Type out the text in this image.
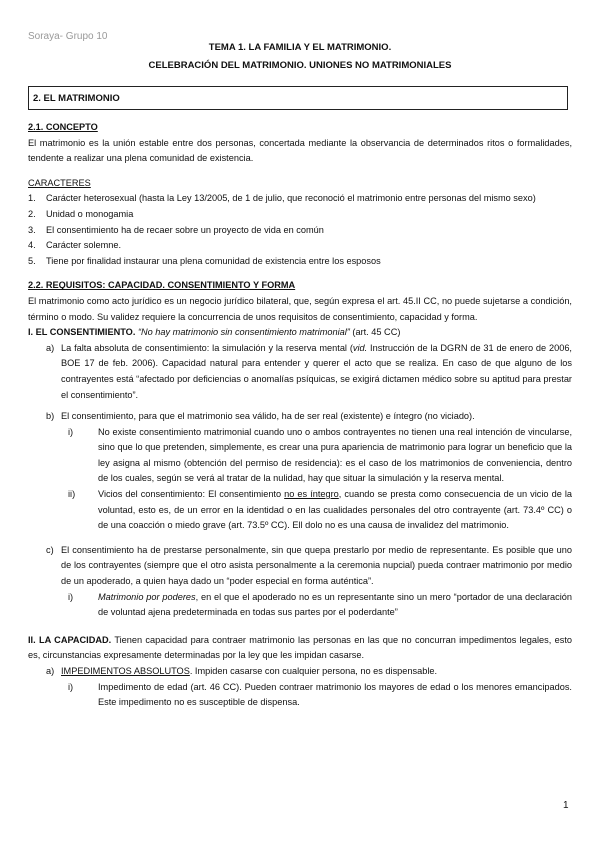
Soraya- Grupo 10
TEMA 1. LA FAMILIA Y EL MATRIMONIO.
CELEBRACIÓN DEL MATRIMONIO. UNIONES NO MATRIMONIALES
2. EL MATRIMONIO

2.1. CONCEPTO

El matrimonio es la unión estable entre dos personas, concertada mediante la observancia de determinados ritos o formalidades, tendente a realizar una plena comunidad de existencia.

CARACTERES

1. Carácter heterosexual (hasta la Ley 13/2005, de 1 de julio, que reconoció el matrimonio entre personas del mismo sexo)
2. Unidad o monogamia
3. El consentimiento ha de recaer sobre un proyecto de vida en común
4. Carácter solemne.
5. Tiene por finalidad instaurar una plena comunidad de existencia entre los esposos

2.2. REQUISITOS: CAPACIDAD. CONSENTIMIENTO Y FORMA

El matrimonio como acto jurídico es un negocio jurídico bilateral, que, según expresa el art. 45.II CC, no puede sujetarse a condición, término o modo. Su validez requiere la concurrencia de unos requisitos de consentimiento, capacidad y forma.

I. EL CONSENTIMIENTO. “No hay matrimonio sin consentimiento matrimonial” (art. 45 CC)

a) La falta absoluta de consentimiento: la simulación y la reserva mental (vid. Instrucción de la DGRN de 31 de enero de 2006, BOE 17 de feb. 2006). Capacidad natural para entender y querer el acto que se realiza. En caso de que alguno de los contrayentes está “afectado por deficiencias o anomalías psíquicas, se exigirá dictamen médico sobre su aptitud para prestar el consentimiento”.
b) El consentimiento, para que el matrimonio sea válido, ha de ser real (existente) e íntegro (no viciado).
i)	No existe consentimiento matrimonial cuando uno o ambos contrayentes no tienen una real intención de vincularse, sino que lo que pretenden, simplemente, es crear una pura apariencia de matrimonio para lograr un beneficio que la ley asigna al mismo (obtención del permiso de residencia): es el caso de los matrimonios de conveniencia, dentro de los cuales, según se verá al tratar de la nulidad, hay que situar la simulación y la reserva mental.
ii) Vicios del consentimiento: El consentimiento no es íntegro, cuando se presta como consecuencia de un vicio de la voluntad, esto es, de un error en la identidad o en las cualidades personales del otro contrayente (art. 73.4º CC) o de una coacción o miedo grave (art. 73.5º CC). Ell dolo no es una causa de invalidez del matrimonio.
c) El consentimiento ha de prestarse personalmente, sin que quepa prestarlo por medio de representante. Es posible que uno de los contrayentes (siempre que el otro asista personalmente a la ceremonia nupcial) pueda contraer matrimonio por medio de un apoderado, a quien haya dado un “poder especial en forma auténtica”.
i)	Matrimonio por poderes, en el que el apoderado no es un representante sino un mero “portador de una declaración de voluntad ajena predeterminada en todas sus partes por el poderdante”

II. LA CAPACIDAD. Tienen capacidad para contraer matrimonio las personas en las que no concurran impedimentos legales, esto es, circunstancias expresamente determinadas por la ley que les impidan casarse.

a) IMPEDIMENTOS ABSOLUTOS. Impiden casarse con cualquier persona, no es dispensable.
i)	Impedimento de edad (art. 46 CC). Pueden contraer matrimonio los mayores de edad o los menores emancipados. Este impedimento no es susceptible de dispensa.
1
